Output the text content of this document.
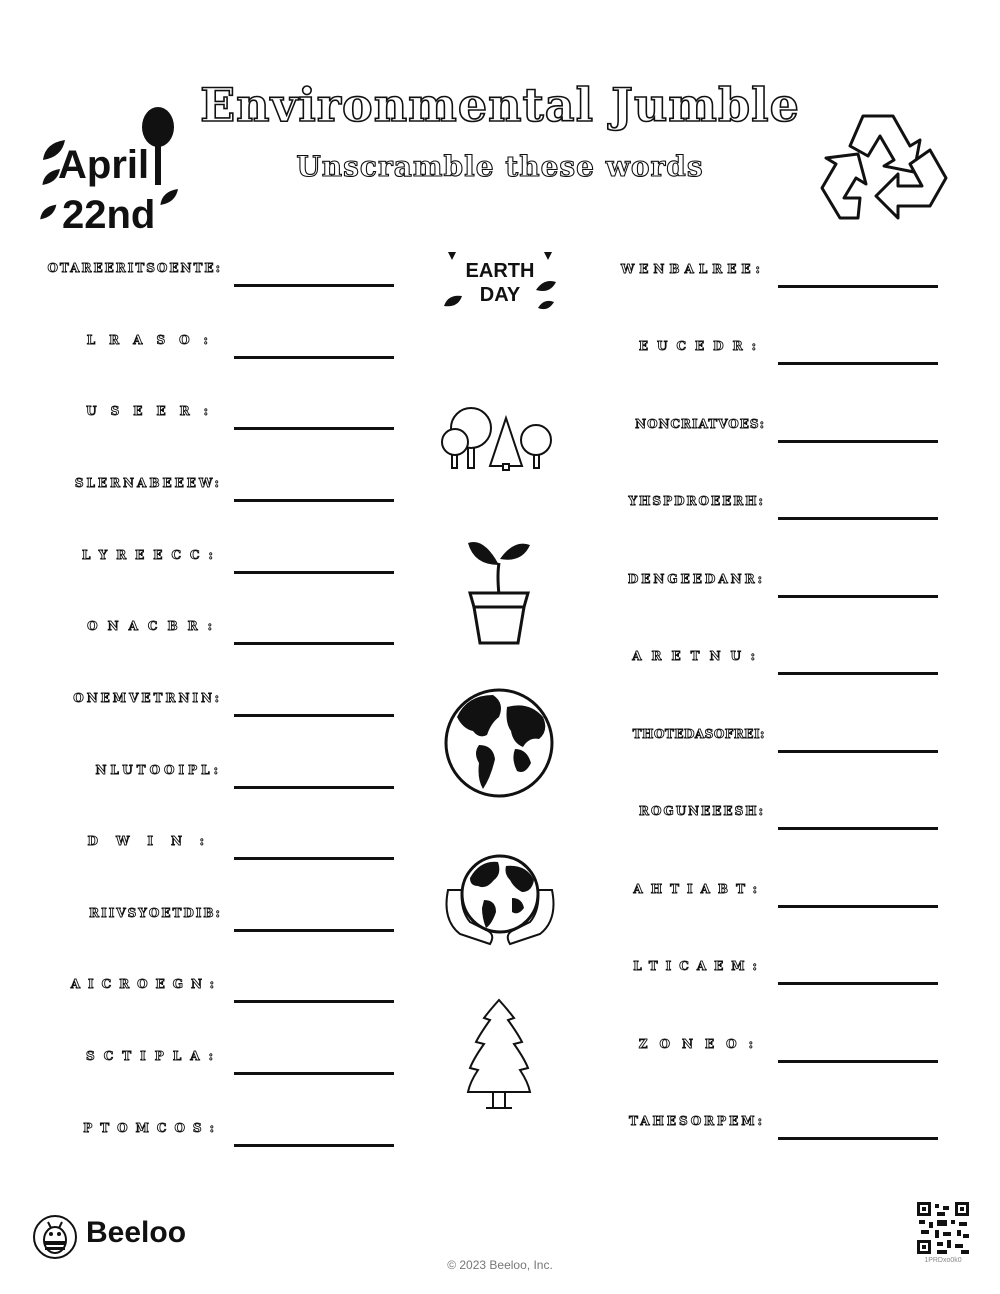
Environmental Jumble
Unscramble these words
April
22nd
OTAREERITSOENTE:
LRASO:
USEER:
SLERNABEEEW:
LYREECC:
ONACBR:
ONEMVETRNIN:
NLUTOOIPL:
DWIN:
RIIVSYOETDIB:
AICROEGN:
SCTIPLA:
PTOMCOS:
WENBALREE:
EUCEDR:
NONCRIATVOES:
YHSPDROEERH:
DENGEEDANR:
ARETNU:
THOTEDASOFREI:
ROGUNEEESH:
AHTIABT:
LTICAEM:
ZONEO:
TAHESORPEM:
EARTH
DAY
Beeloo
© 2023 Beeloo, Inc.	1PRDxo0k0
